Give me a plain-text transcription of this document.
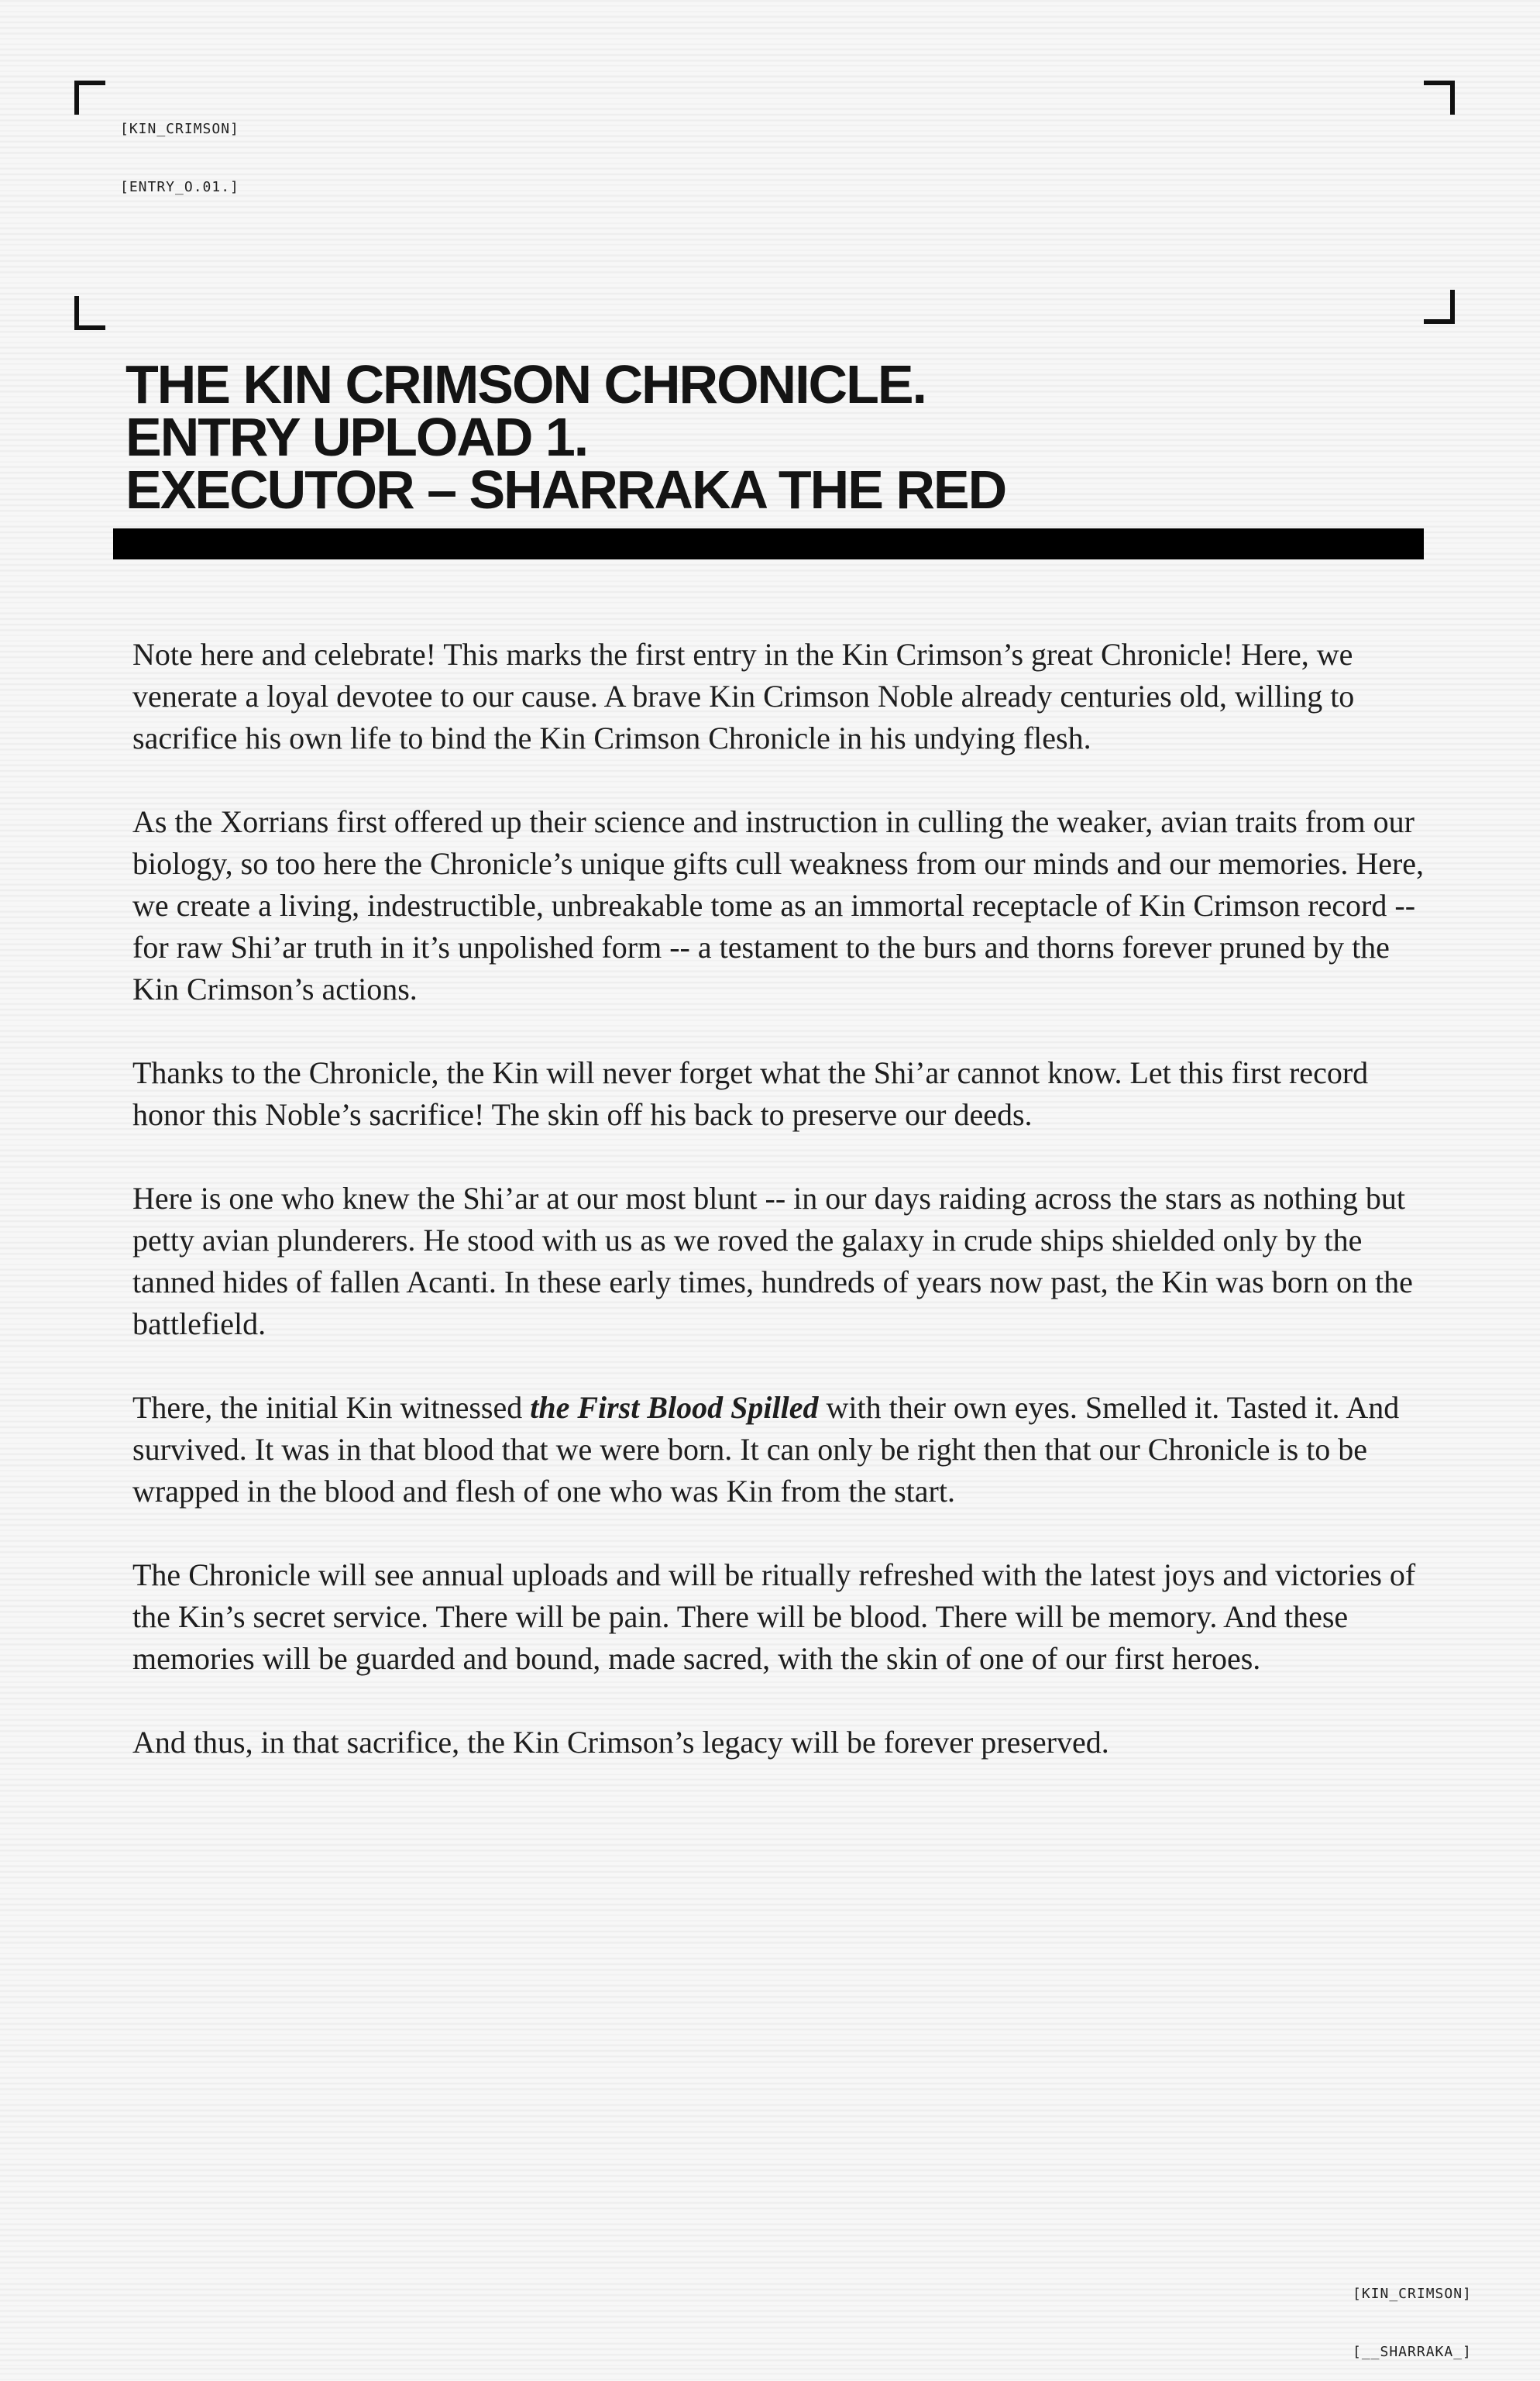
[KIN_CRIMSON]

[ENTRY_O.01.]

THE KIN CRIMSON CHRONICLE.
ENTRY UPLOAD 1.
EXECUTOR – SHARRAKA THE RED

Note here and celebrate! This marks the first entry in the Kin Crimson’s great Chronicle! Here, we venerate a loyal devotee to our cause. A brave Kin Crimson Noble already centuries old, willing to sacrifice his own life to bind the Kin Crimson Chronicle in his undying flesh.

As the Xorrians first offered up their science and instruction in culling the weaker, avian traits from our biology, so too here the Chronicle’s unique gifts cull weakness from our minds and our memories. Here, we create a living, indestructible, unbreakable tome as an immortal receptacle of Kin Crimson record -- for raw Shi’ar truth in it’s unpolished form -- a testament to the burs and thorns forever pruned by the Kin Crimson’s actions.

Thanks to the Chronicle, the Kin will never forget what the Shi’ar cannot know. Let this first record honor this Noble’s sacrifice! The skin off his back to preserve our deeds.

Here is one who knew the Shi’ar at our most blunt -- in our days raiding across the stars as nothing but petty avian plunderers. He stood with us as we roved the galaxy in crude ships shielded only by the tanned hides of fallen Acanti. In these early times, hundreds of years now past, the Kin was born on the battlefield.

There, the initial Kin witnessed the First Blood Spilled with their own eyes. Smelled it. Tasted it. And survived. It was in that blood that we were born. It can only be right then that our Chronicle is to be wrapped in the blood and flesh of one who was Kin from the start.

The Chronicle will see annual uploads and will be ritually refreshed with the latest joys and victories of the Kin’s secret service. There will be pain. There will be blood. There will be memory. And these memories will be guarded and bound, made sacred, with the skin of one of our first heroes.

And thus, in that sacrifice, the Kin Crimson’s legacy will be forever preserved.

[KIN_CRIMSON]

[__SHARRAKA_]
